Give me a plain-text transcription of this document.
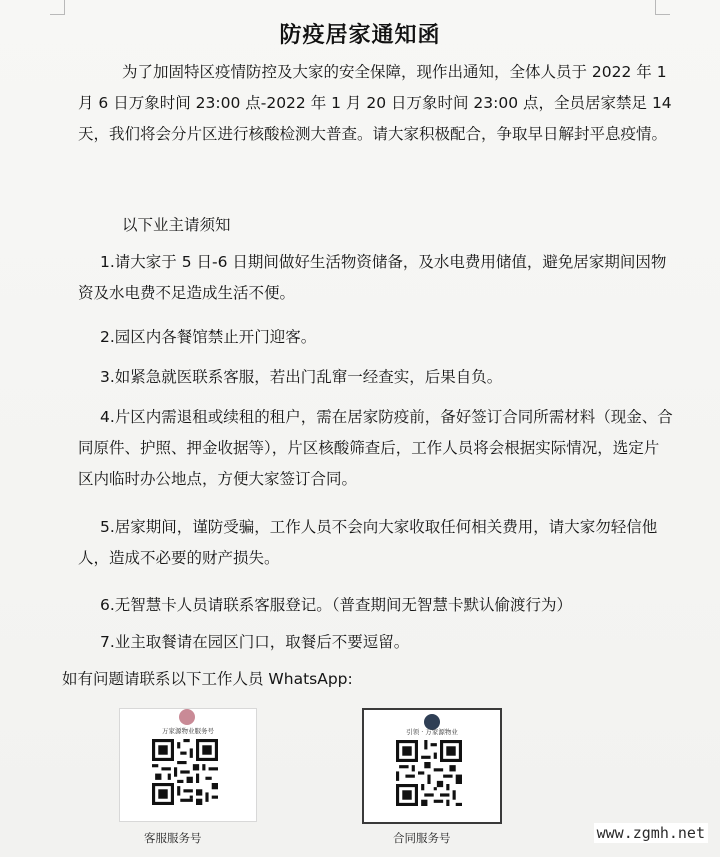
防疫居家通知函
为了加固特区疫情防控及大家的安全保障，现作出通知，全体人员于 2022 年 1 月 6 日万象时间 23:00 点-2022 年 1 月 20 日万象时间 23:00 点，全员居家禁足 14 天，我们将会分片区进行核酸检测大普查。请大家积极配合，争取早日解封平息疫情。
以下业主请须知
1.请大家于 5 日-6 日期间做好生活物资储备，及水电费用储值，避免居家期间因物资及水电费不足造成生活不便。
2.园区内各餐馆禁止开门迎客。
3.如紧急就医联系客服，若出门乱窜一经查实，后果自负。
4.片区内需退租或续租的租户，需在居家防疫前，备好签订合同所需材料（现金、合同原件、护照、押金收据等），片区核酸筛查后，工作人员将会根据实际情况，选定片区内临时办公地点，方便大家签订合同。
5.居家期间，谨防受骗，工作人员不会向大家收取任何相关费用，请大家勿轻信他人，造成不必要的财产损失。
6.无智慧卡人员请联系客服登记。（普查期间无智慧卡默认偷渡行为）
7.业主取餐请在园区门口，取餐后不要逗留。
如有问题请联系以下工作人员 WhatsApp:
万家源物业服务号
客服服务号
引领 · 万家源物业
合同服务号	www.zgmh.net
